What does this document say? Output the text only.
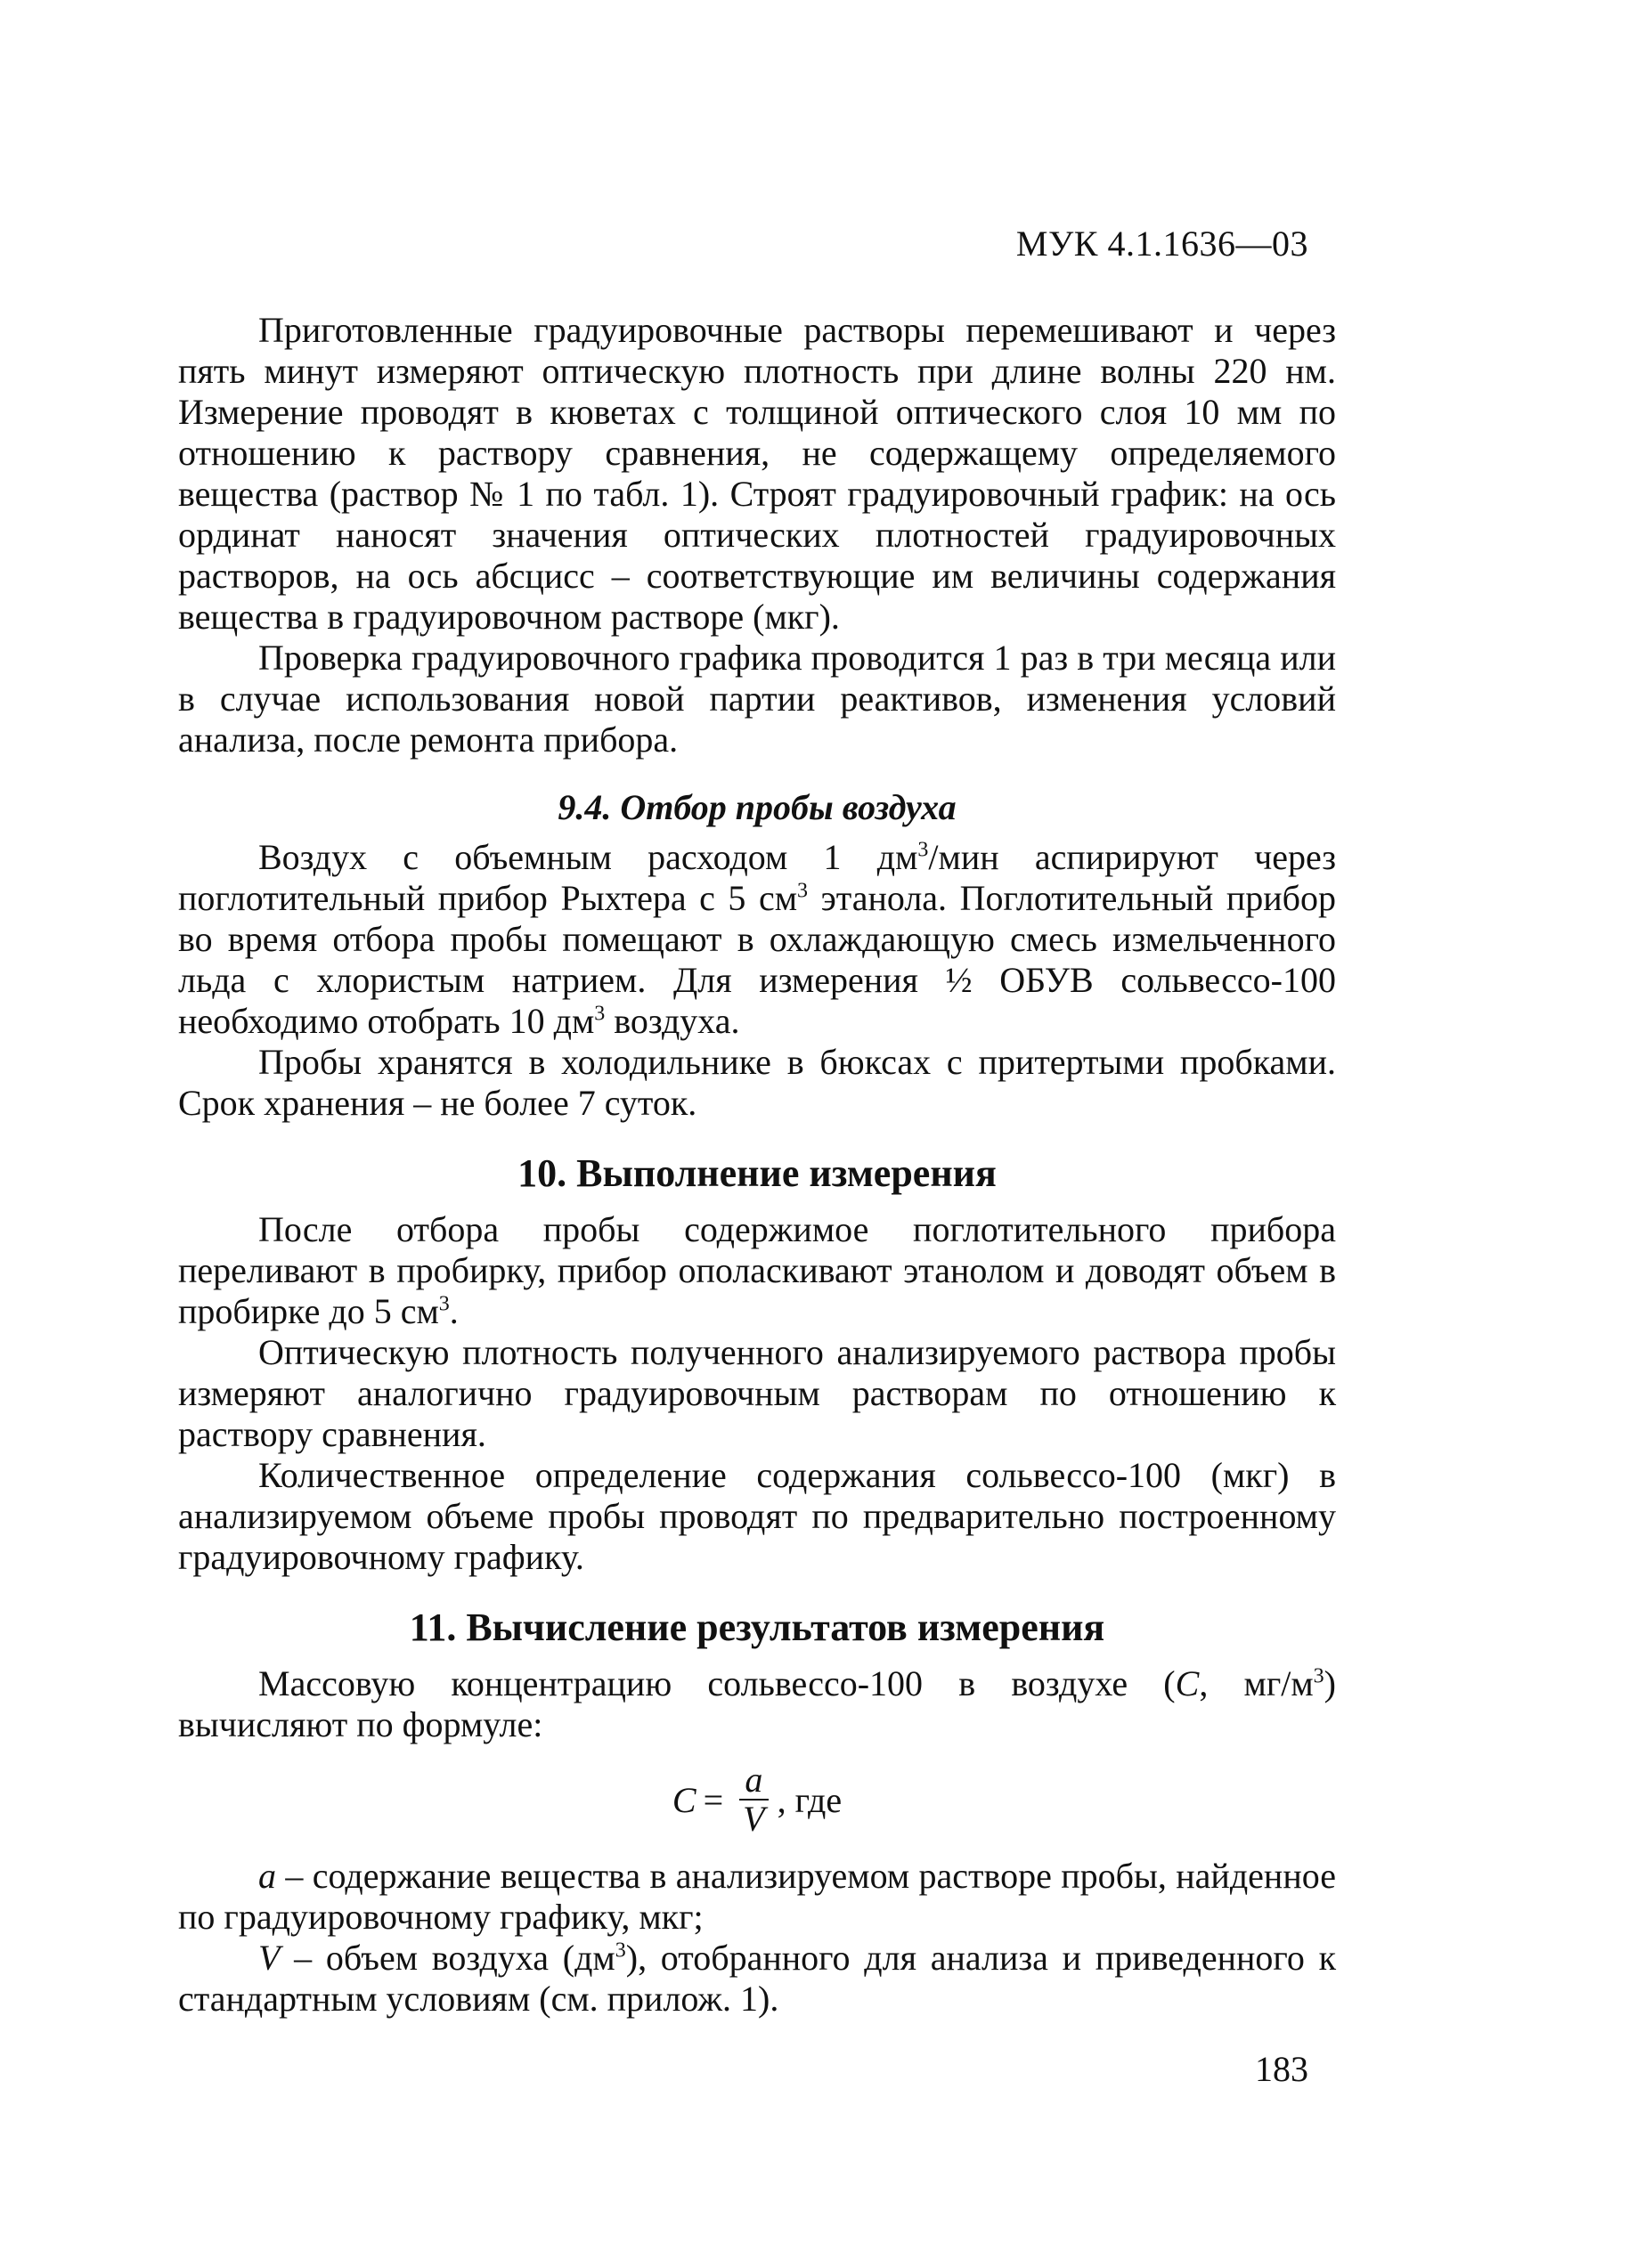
МУК 4.1.1636—03

Приготовленные градуировочные растворы перемешивают и через пять минут измеряют оптическую плотность при длине волны 220 нм. Измерение проводят в кюветах с толщиной оптического слоя 10 мм по отношению к раствору сравнения, не содержащему определяемого вещества (раствор № 1 по табл. 1). Строят градуировочный график: на ось ординат наносят значения оптических плотностей градуировочных растворов, на ось абсцисс – соответствующие им величины содержания вещества в градуировочном растворе (мкг).

Проверка градуировочного графика проводится 1 раз в три месяца или в случае использования новой партии реактивов, изменения условий анализа, после ремонта прибора.

9.4. Отбор пробы воздуха

Воздух с объемным расходом 1 $дм^3$/мин аспирируют через поглотительный прибор Рыхтера с 5 $см^3$ этанола. Поглотительный прибор во время отбора пробы помещают в охлаждающую смесь измельченного льда с хлористым натрием. Для измерения ½ ОБУВ сольвессо-100 необходимо отобрать 10 $дм^3$ воздуха.

Пробы хранятся в холодильнике в бюксах с притертыми пробками. Срок хранения – не более 7 суток.

10. Выполнение измерения

После отбора пробы содержимое поглотительного прибора переливают в пробирку, прибор ополаскивают этанолом и доводят объем в пробирке до 5 $см^3$.

Оптическую плотность полученного анализируемого раствора пробы измеряют аналогично градуировочным растворам по отношению к раствору сравнения.

Количественное определение содержания сольвессо-100 (мкг) в анализируемом объеме пробы проводят по предварительно построенному градуировочному графику.

11. Вычисление результатов измерения

Массовую концентрацию сольвессо-100 в воздухе (С, $мг/м^3$) вычисляют по формуле:

$С = \frac{a}{V}$ , где

a – содержание вещества в анализируемом растворе пробы, найденное по градуировочному графику, мкг;

V – объем воздуха $(дм^3)$, отобранного для анализа и приведенного к стандартным условиям (см. прилож. 1).

183
